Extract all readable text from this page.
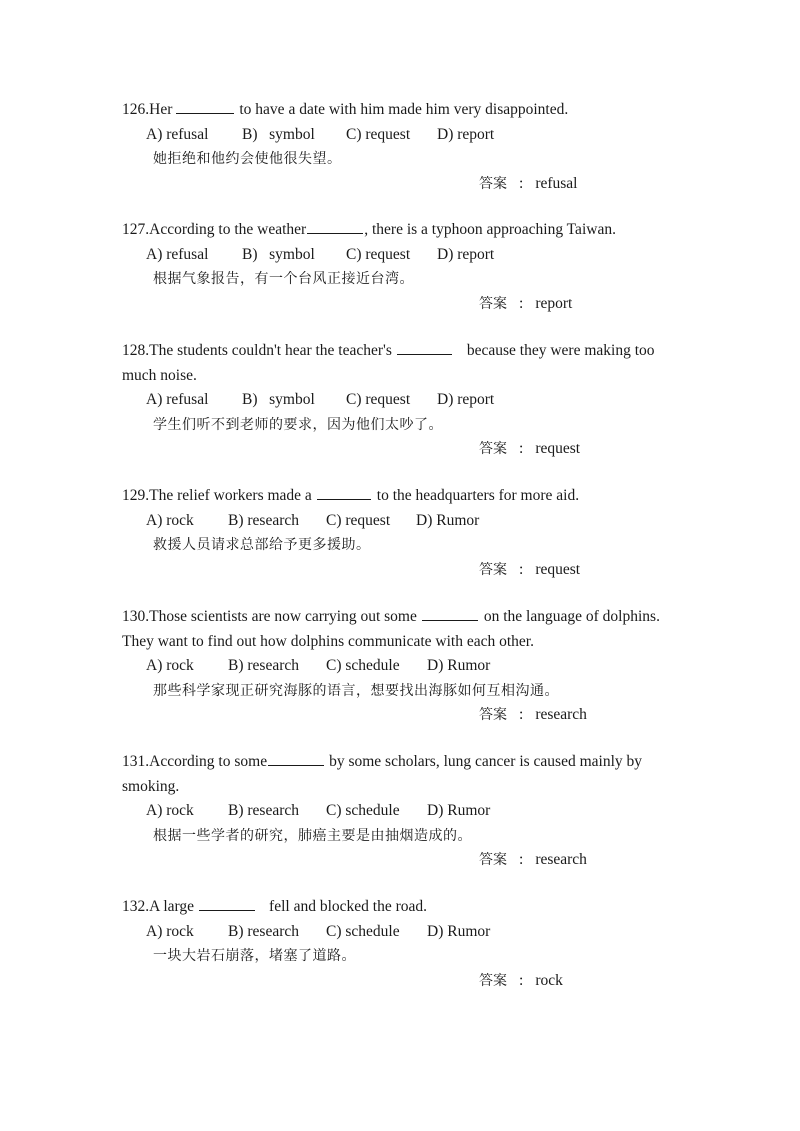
126.Her	to have a date with him made him very disappointed.
A) refusal B)   symbol C) request D) report
她拒绝和他约会使他很失望。
答案 : refusal
127.According to the weather	, there is a typhoon approaching Taiwan.
A) refusal B)   symbol C) request D) report
根据气象报告，有一个台风正接近台湾。
答案 : report
128.The students couldn't hear the teacher's	because they were making too
much noise.
A) refusal B)   symbol C) request D) report
学生们听不到老师的要求，因为他们太吵了。
答案 : request
129.The relief workers made a	to the headquarters for more aid.
A) rock B) research C) request D) Rumor
救援人员请求总部给予更多援助。
答案 : request
130.Those scientists are now carrying out some	on the language of dolphins.
They want to find out how dolphins communicate with each other.
A) rock B) research C) schedule D) Rumor
那些科学家现正研究海豚的语言，想要找出海豚如何互相沟通。
答案 : research
131.According to some	by some scholars, lung cancer is caused mainly by
smoking.
A) rock B) research C) schedule D) Rumor
根据一些学者的研究，肺癌主要是由抽烟造成的。
答案 : research
132.A large	fell and blocked the road.
A) rock B) research C) schedule D) Rumor
一块大岩石崩落，堵塞了道路。
答案 : rock
